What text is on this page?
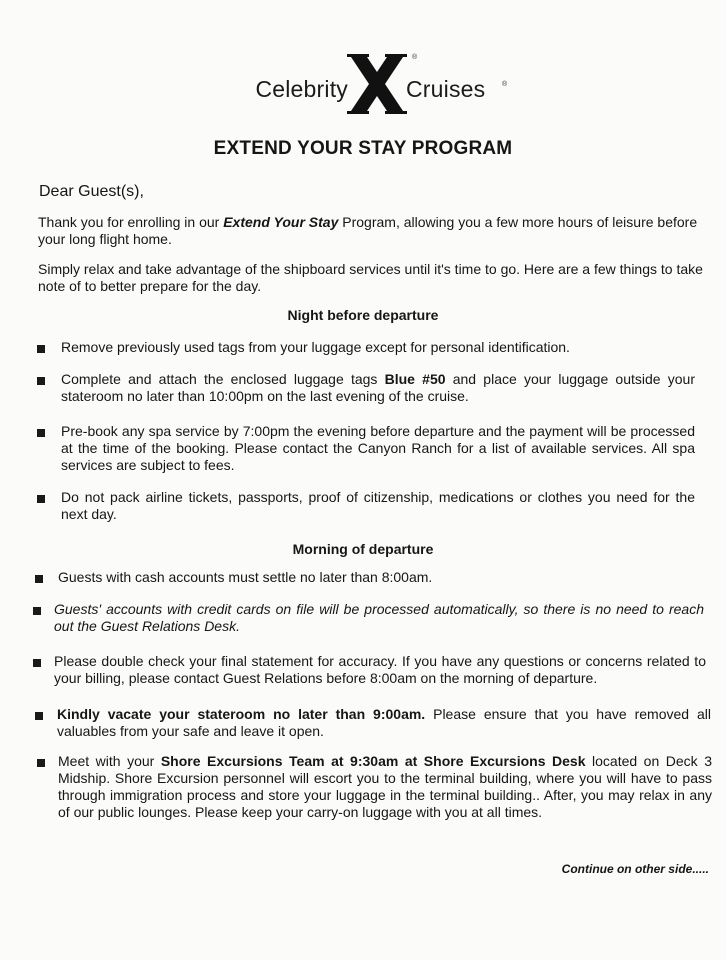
Celebrity
®
Cruises ®
EXTEND YOUR STAY PROGRAM
Dear Guest(s),
Thank you for enrolling in our Extend Your Stay Program, allowing you a few more hours of leisure before your long flight home.
Simply relax and take advantage of the shipboard services until it's time to go. Here are a few things to take note of to better prepare for the day.
Night before departure
Remove previously used tags from your luggage except for personal identification.
Complete and attach the enclosed luggage tags Blue #50 and place your luggage outside your stateroom no later than 10:00pm on the last evening of the cruise.
Pre-book any spa service by 7:00pm the evening before departure and the payment will be processed at the time of the booking. Please contact the Canyon Ranch for a list of available services. All spa services are subject to fees.
Do not pack airline tickets, passports, proof of citizenship, medications or clothes you need for the next day.
Morning of departure
Guests with cash accounts must settle no later than 8:00am.
Guests' accounts with credit cards on file will be processed automatically, so there is no need to reach out the Guest Relations Desk.
Please double check your final statement for accuracy. If you have any questions or concerns related to your billing, please contact Guest Relations before 8:00am on the morning of departure.
Kindly vacate your stateroom no later than 9:00am. Please ensure that you have removed all valuables from your safe and leave it open.
Meet with your Shore Excursions Team at 9:30am at Shore Excursions Desk located on Deck 3 Midship. Shore Excursion personnel will escort you to the terminal building, where you will have to pass through immigration process and store your luggage in the terminal building.. After, you may relax in any of our public lounges. Please keep your carry-on luggage with you at all times.
Continue on other side.....
